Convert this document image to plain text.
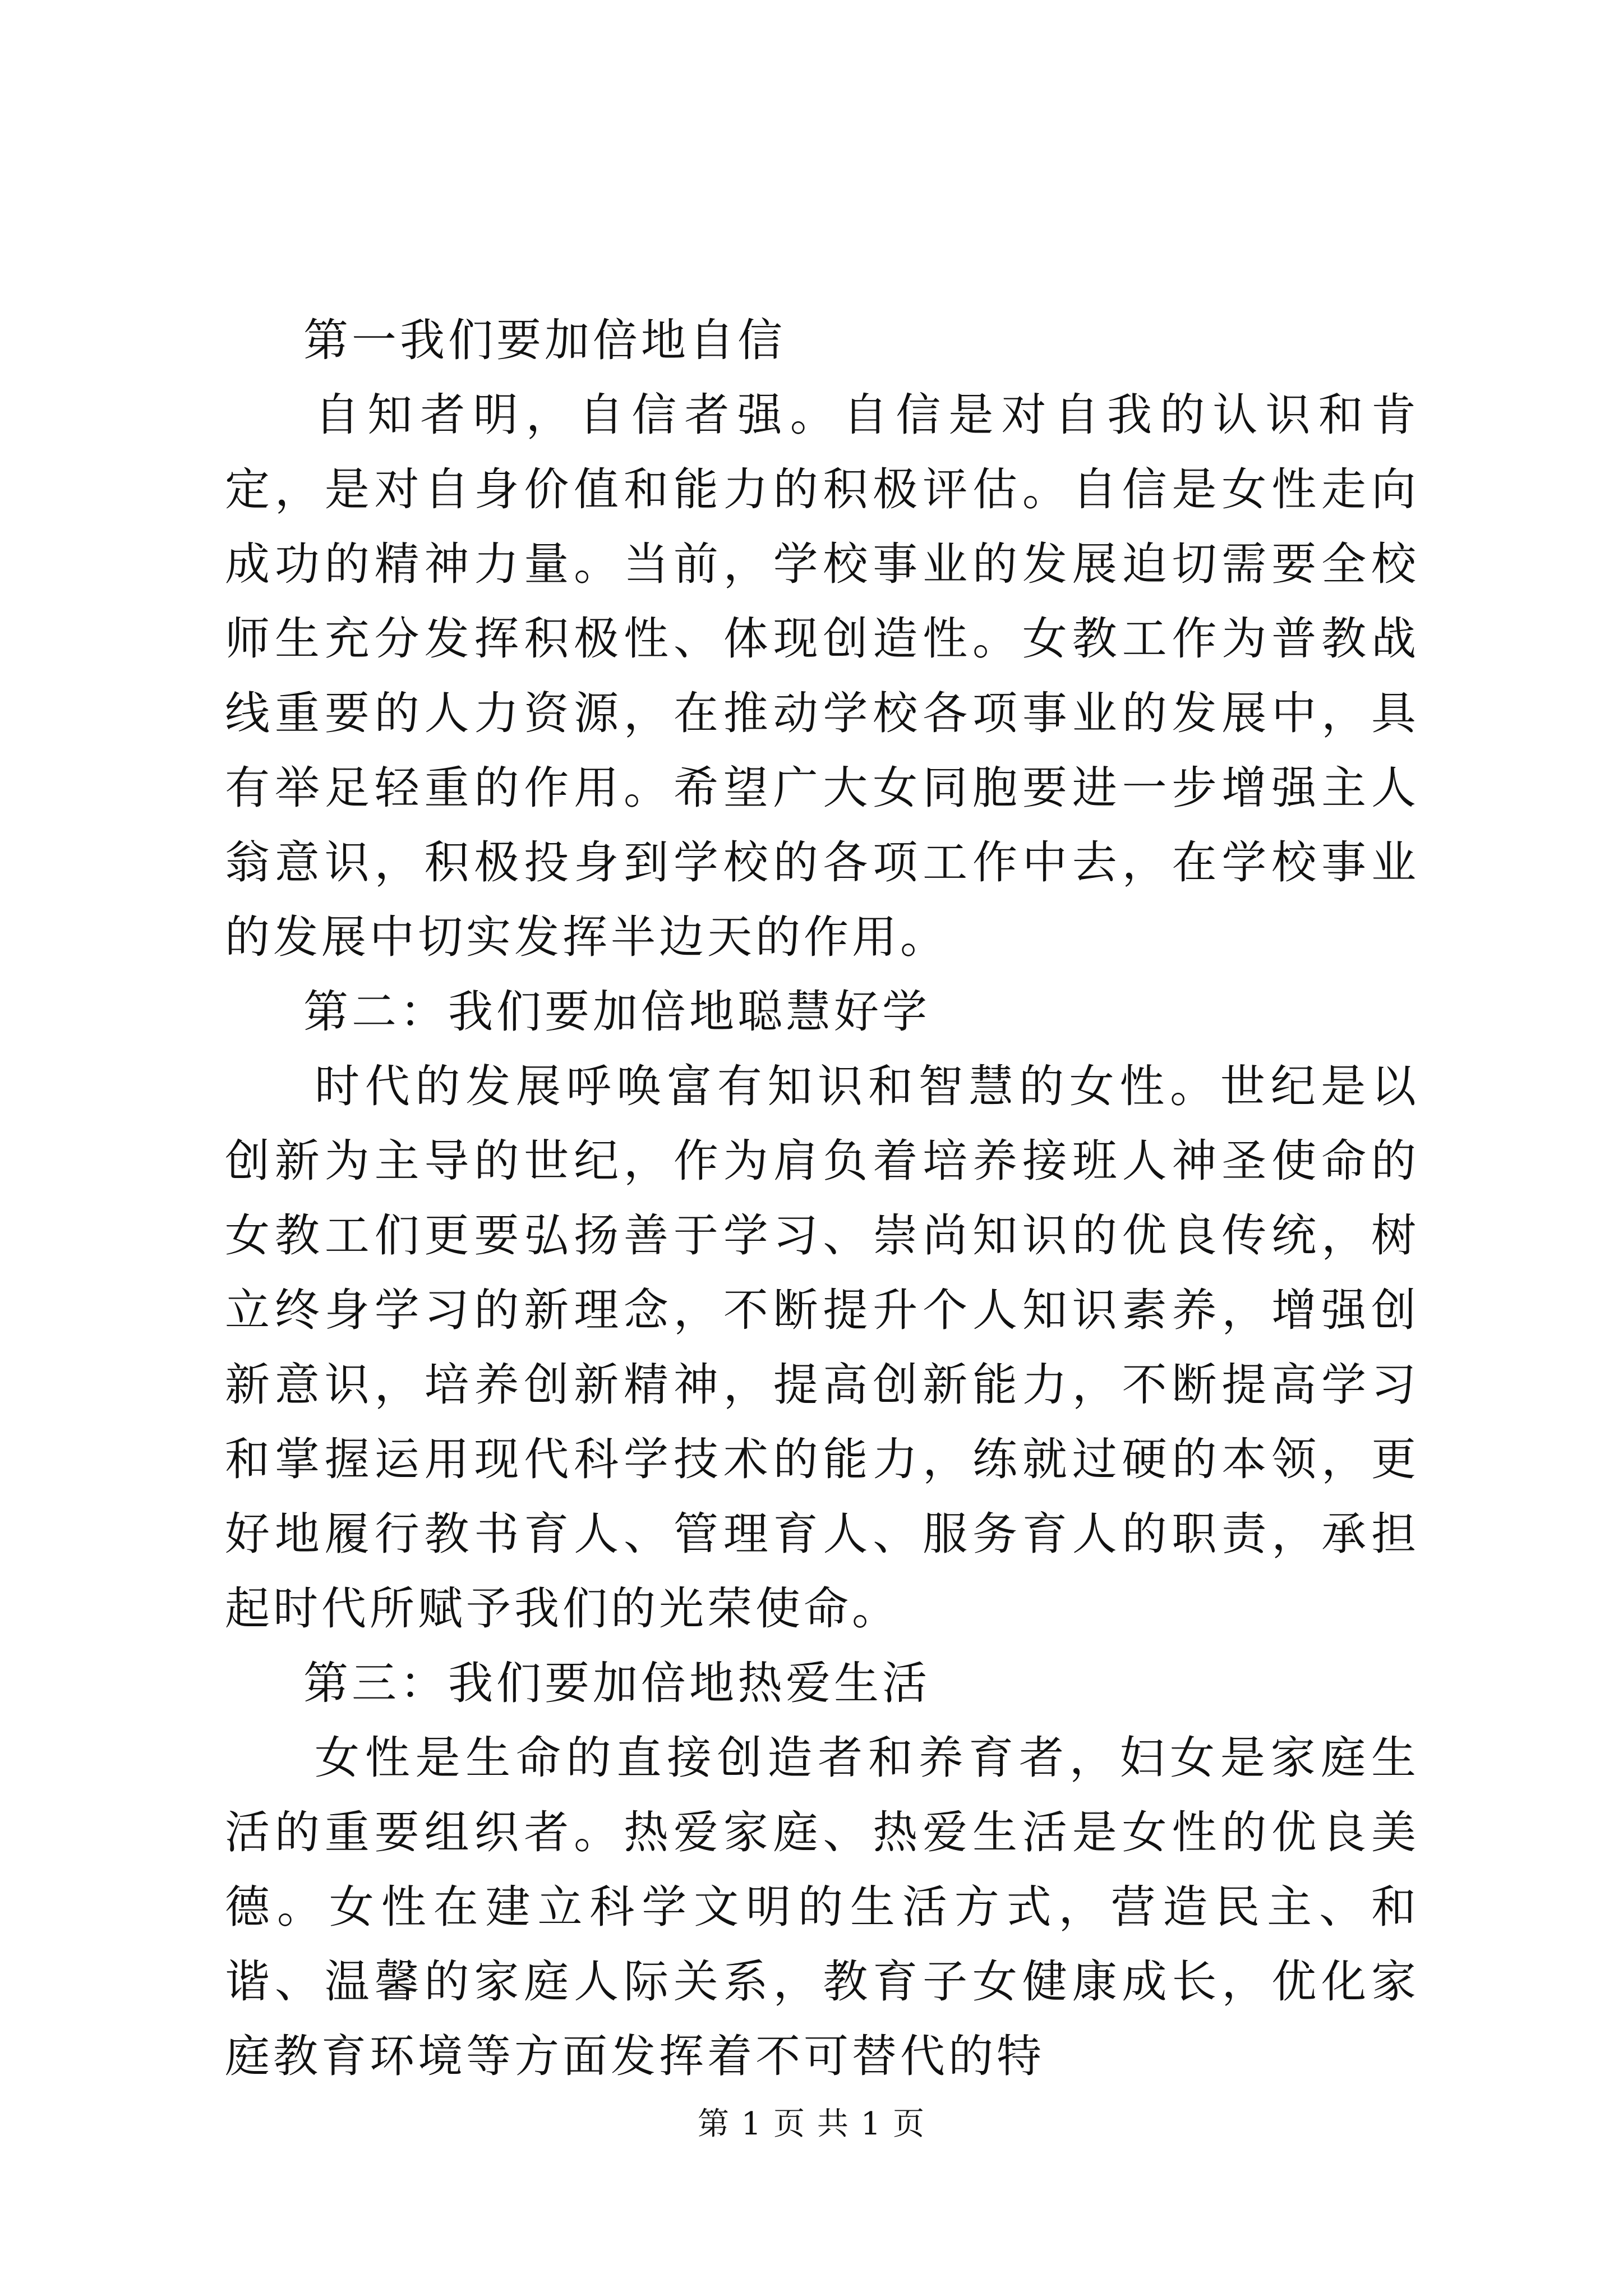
第一我们要加倍地自信

自知者明，自信者强。自信是对自我的认识和肯定，是对自身价值和能力的积极评估。自信是女性走向成功的精神力量。当前，学校事业的发展迫切需要全校师生充分发挥积极性、体现创造性。女教工作为普教战线重要的人力资源，在推动学校各项事业的发展中，具有举足轻重的作用。希望广大女同胞要进一步增强主人翁意识，积极投身到学校的各项工作中去，在学校事业的发展中切实发挥半边天的作用。

第二：我们要加倍地聪慧好学

时代的发展呼唤富有知识和智慧的女性。世纪是以创新为主导的世纪，作为肩负着培养接班人神圣使命的女教工们更要弘扬善于学习、崇尚知识的优良传统，树立终身学习的新理念，不断提升个人知识素养，增强创新意识，培养创新精神，提高创新能力，不断提高学习和掌握运用现代科学技术的能力，练就过硬的本领，更好地履行教书育人、管理育人、服务育人的职责，承担起时代所赋予我们的光荣使命。

第三：我们要加倍地热爱生活

女性是生命的直接创造者和养育者，妇女是家庭生活的重要组织者。热爱家庭、热爱生活是女性的优良美德。女性在建立科学文明的生活方式，营造民主、和谐、温馨的家庭人际关系，教育子女健康成长，优化家庭教育环境等方面发挥着不可替代的特

第 1 页 共 1 页
